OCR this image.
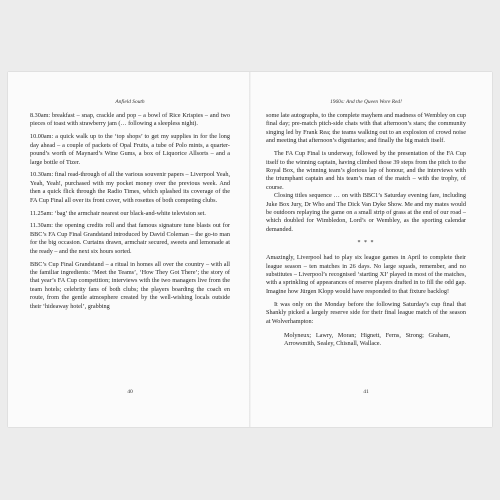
Anfield South

8.30am: breakfast – snap, crackle and pop – a bowl of Rice Krispies – and two pieces of toast with strawberry jam (… following a sleepless night).

10.00am: a quick walk up to the ‘top shops’ to get my supplies in for the long day ahead – a couple of packets of Opal Fruits, a tube of Polo mints, a quarter-pound’s worth of Maynard’s Wine Gums, a box of Liquorice Allsorts – and a large bottle of Tizer.

10.30am: final read-through of all the various souvenir papers – Liverpool Yeah, Yeah, Yeah!, purchased with my pocket money over the previous week. And then a quick flick through the Radio Times, which splashed its coverage of the FA Cup Final all over its front cover, with rosettes of both competing clubs.

11.25am: ‘bag’ the armchair nearest our black-and-white television set.

11.30am: the opening credits roll and that famous signature tune blasts out for BBC’s FA Cup Final Grandstand introduced by David Coleman – the go-to man for the big occasion. Curtains drawn, armchair secured, sweets and lemonade at the ready – and the next six hours sorted.

BBC’s Cup Final Grandstand – a ritual in homes all over the country – with all the familiar ingredients: ‘Meet the Teams’, ‘How They Got There’; the story of that year’s FA Cup competition; interviews with the two managers live from the team hotels; celebrity fans of both clubs; the players boarding the coach en route, from the gentle atmosphere created by the well-wishing locals outside their ‘hideaway hotel’, grabbing

40
1960s: And the Queen Wore Red!

some late autographs, to the complete mayhem and madness of Wembley on cup final day; pre-match pitch-side chats with that afternoon’s stars; the community singing led by Frank Rea; the teams walking out to an explosion of crowd noise and meeting that afternoon’s dignitaries; and finally the big match itself.

The FA Cup Final is underway, followed by the presentation of the FA Cup itself to the winning captain, having climbed those 39 steps from the pitch to the Royal Box, the winning team’s glorious lap of honour, and the interviews with the triumphant captain and his team’s man of the match – with the trophy, of course.

Closing titles sequence … on with BBC1’s Saturday evening fare, including Juke Box Jury, Dr Who and The Dick Van Dyke Show. Me and my mates would be outdoors replaying the game on a small strip of grass at the end of our road – which doubled for Wimbledon, Lord’s or Wembley, as the sporting calendar demanded.

* * *

Amazingly, Liverpool had to play six league games in April to complete their league season – ten matches in 26 days. No large squads, remember, and no substitutes – Liverpool’s recognised ‘starting XI’ played in most of the matches, with a sprinkling of appearances of reserve players drafted in to fill the odd gap. Imagine how Jürgen Klopp would have responded to that fixture backlog!

It was only on the Monday before the following Saturday’s cup final that Shankly picked a largely reserve side for their final league match of the season at Wolverhampton:

Molyneux; Lawry, Moran; Hignett, Ferns, Strong; Graham, Arrowsmith, Sealey, Chisnall, Wallace.

41
